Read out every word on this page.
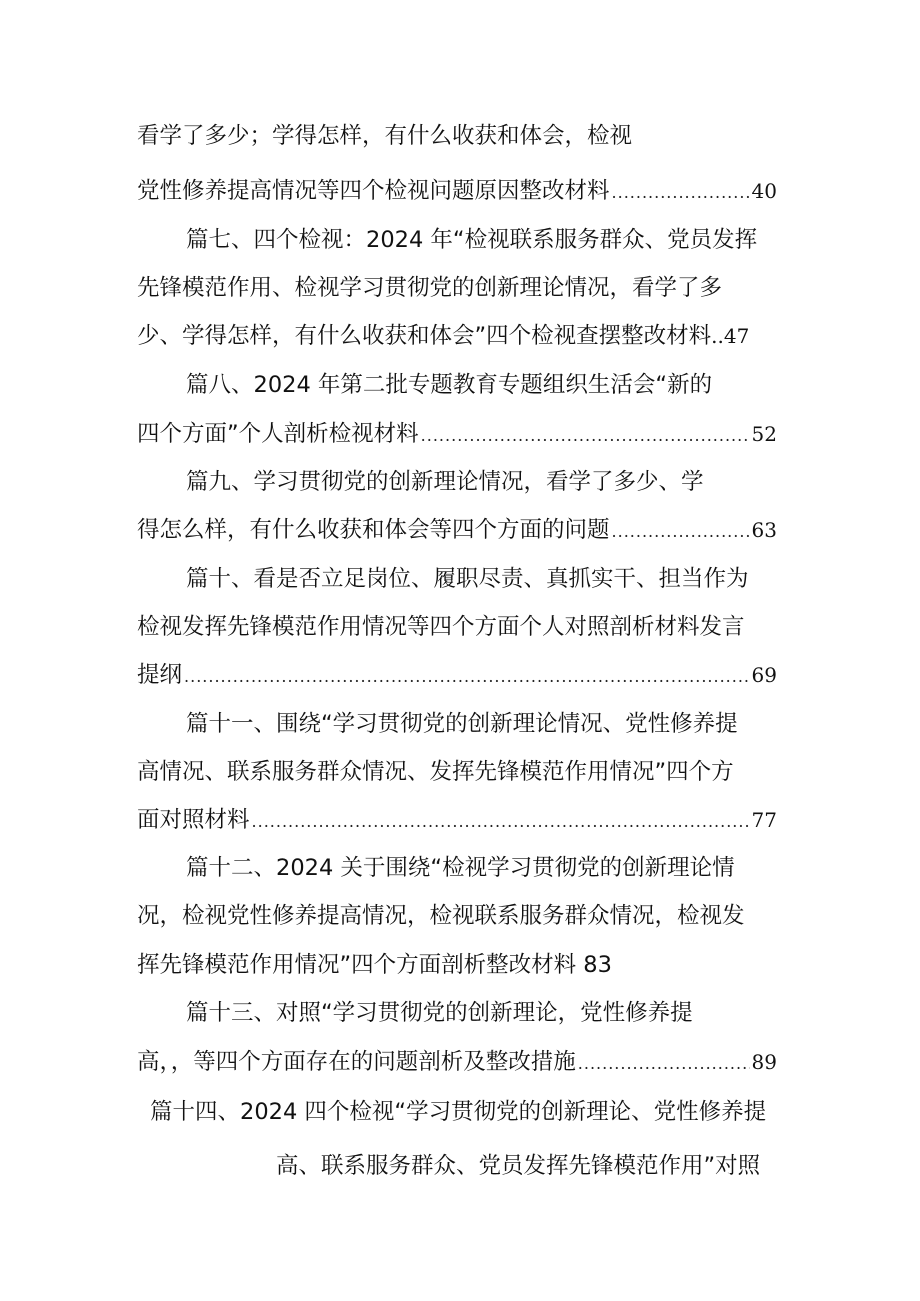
看学了多少；学得怎样，有什么收获和体会，检视
党性修养提高情况等四个检视问题原因整改材料 .....	40
篇七、四个检视：2024 年“检视联系服务群众、党员发挥
先锋模范作用、检视学习贯彻党的创新理论情况，看学了多
少、学得怎样，有什么收获和体会”四个检视查摆整改材料 ..47
篇八、2024 年第二批专题教育专题组织生活会“新的
四个方面”个人剖析检视材料 .....	52
篇九、学习贯彻党的创新理论情况，看学了多少、学
得怎么样，有什么收获和体会等四个方面的问题 .....	63
篇十、看是否立足岗位、履职尽责、真抓实干、担当作为
检视发挥先锋模范作用情况等四个方面个人对照剖析材料发言
提纲 .....	69
篇十一、围绕“学习贯彻党的创新理论情况、党性修养提
高情况、联系服务群众情况、发挥先锋模范作用情况”四个方
面对照材料 .....	77
篇十二、2024 关于围绕“检视学习贯彻党的创新理论情
况，检视党性修养提高情况，检视联系服务群众情况，检视发
挥先锋模范作用情况”四个方面剖析整改材料 83
篇十三、对照“学习贯彻党的创新理论，党性修养提
高，，等四个方面存在的问题剖析及整改措施 .....	89
篇十四、2024 四个检视“学习贯彻党的创新理论、党性修养提
高、联系服务群众、党员发挥先锋模范作用”对照
